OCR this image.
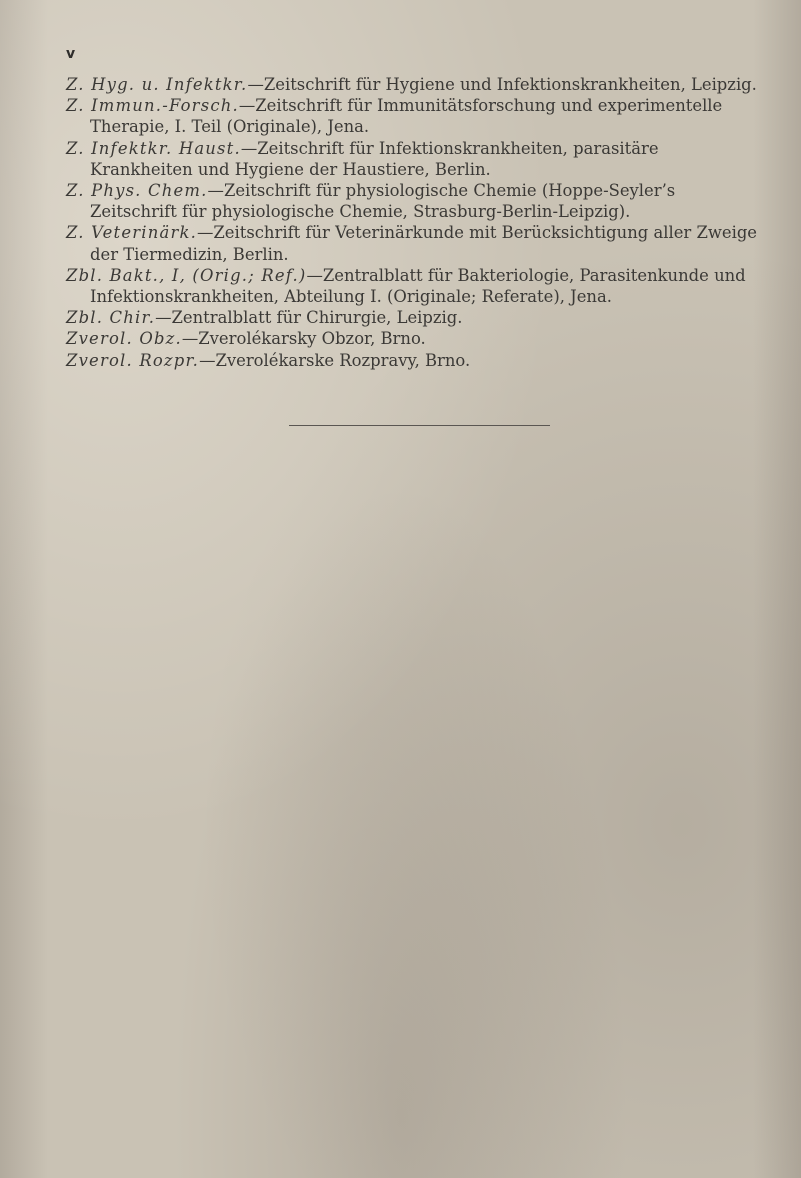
v

Z. Hyg. u. Infektkr.—Zeitschrift für Hygiene und Infektionskrankheiten, Leipzig.

Z. Immun.-Forsch.—Zeitschrift für Immunitätsforschung und experimentelle Therapie, I. Teil (Originale), Jena.

Z. Infektkr. Haust.—Zeitschrift für Infektionskrankheiten, parasitäre Krankheiten und Hygiene der Haustiere, Berlin.

Z. Phys. Chem.—Zeitschrift für physiologische Chemie (Hoppe-Seyler’s Zeitschrift für physiologische Chemie, Strasburg-Berlin-Leipzig).

Z. Veterinärk.—Zeitschrift für Veterinärkunde mit Berücksichtigung aller Zweige der Tiermedizin, Berlin.

Zbl. Bakt., I, (Orig.; Ref.)—Zentralblatt für Bakteriologie, Parasitenkunde und Infektionskrankheiten, Abteilung I. (Originale; Referate), Jena.

Zbl. Chir.—Zentralblatt für Chirurgie, Leipzig.

Zverol. Obz.—Zverolékarsky Obzor, Brno.

Zverol. Rozpr.—Zverolékarske Rozpravy, Brno.
